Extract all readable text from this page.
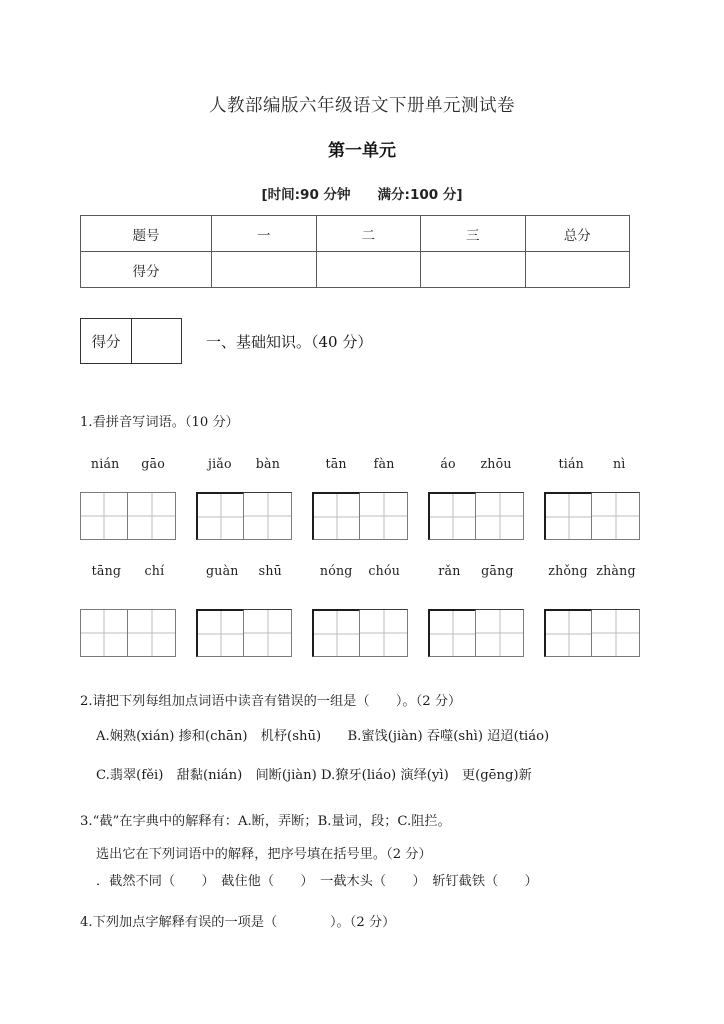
人教部编版六年级语文下册单元测试卷
第一单元
[时间:90 分钟　　满分:100 分]
题号	一	二	三	总分
得分				
得分	一、基础知识。（40 分）
1.看拼音写词语。（10 分）
nián gāo	jiǎo bàn	tān fàn	áo zhōu	tián nì
tāng chí	guàn shū	nóng chóu	rǎn gāng	zhǒng zhàng
2.请把下列每组加点词语中读音有错误的一组是（　　）。（2 分）
A.娴熟(xián) 掺和(chān)　机杼(shū)　　B.蜜饯(jiàn) 吞噬(shì) 迢迢(tiáo)
C.翡翠(fěi)　甜黏(nián)　间断(jiàn) D.獠牙(liáo) 演绎(yì)　更(gēng)新
3.“截”在字典中的解释有：A.断，弄断；B.量词，段；C.阻拦。
选出它在下列词语中的解释，把序号填在括号里。（2 分）
．截然不同（　　）　截住他（　　）　一截木头（　　）　斩钉截铁（　　）
4.下列加点字解释有误的一项是（　　　　）。（2 分）
